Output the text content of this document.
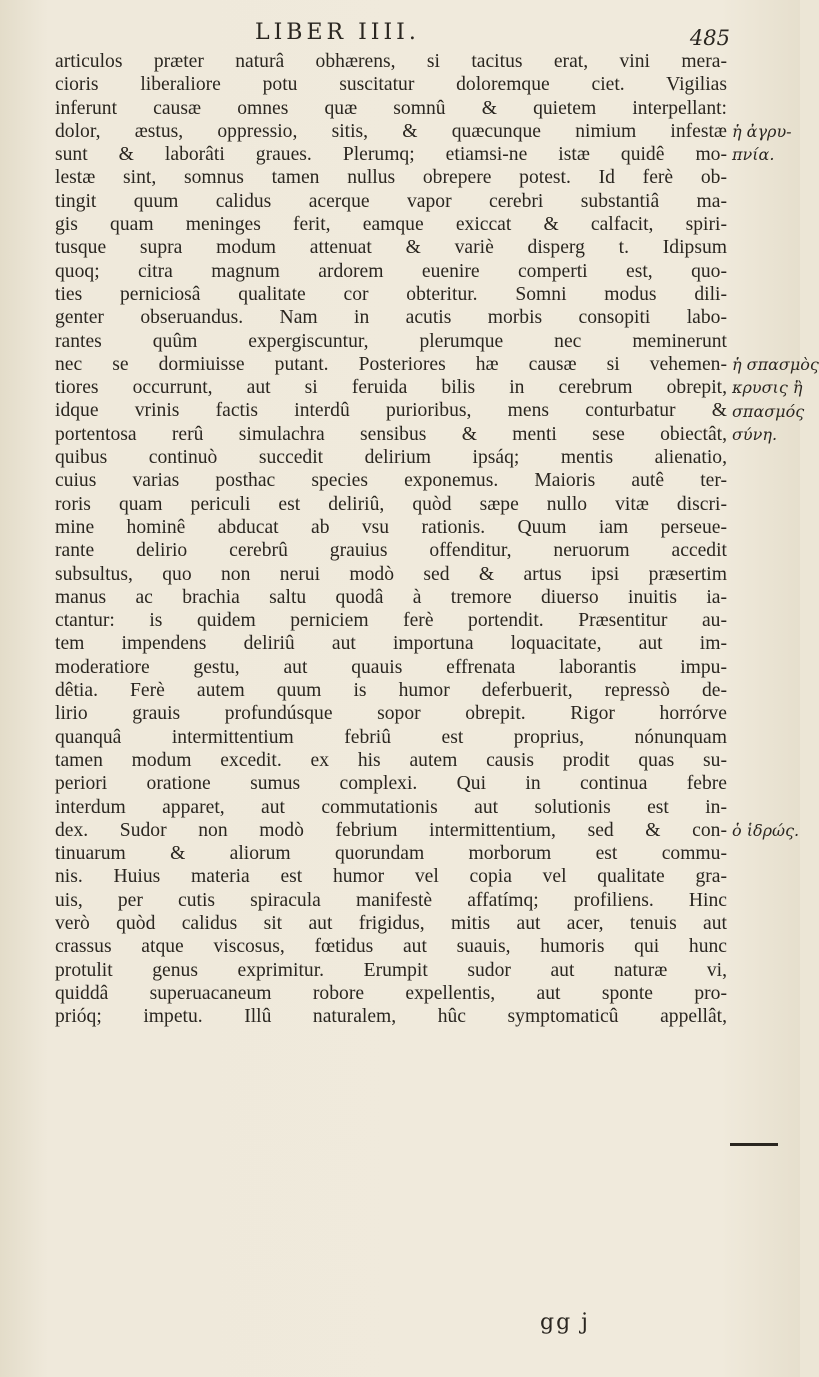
LIBER IIII.	485
articulos præter naturâ obhærens, si tacitus erat, vini mera-
cioris liberaliore potu suscitatur doloremque ciet. Vigilias
inferunt causæ omnes quæ somnû & quietem interpellant:
dolor, æstus, oppressio, sitis, & quæcunque nimium infestæ
sunt & laborâti graues. Plerumq; etiamsi-ne istæ quidê mo-
lestæ sint, somnus tamen nullus obrepere potest. Id ferè ob-
tingit quum calidus acerque vapor cerebri substantiâ ma-
gis quam meninges ferit, eamque exiccat & calfacit, spiri-
tusque supra modum attenuat & variè disperg t. Idipsum
quoq; citra magnum ardorem euenire comperti est, quo-
ties perniciosâ qualitate cor obteritur. Somni modus dili-
genter obseruandus. Nam in acutis morbis consopiti labo-
rantes quûm expergiscuntur, plerumque nec meminerunt
nec se dormiuisse putant. Posteriores hæ causæ si vehemen-
tiores occurrunt, aut si feruida bilis in cerebrum obrepit,
idque vrinis factis interdû purioribus, mens conturbatur &
portentosa rerû simulachra sensibus & menti sese obiectât,
quibus continuò succedit delirium ipsáq; mentis alienatio,
cuius varias posthac species exponemus. Maioris autê ter-
roris quam periculi est deliriû, quòd sæpe nullo vitæ discri-
mine hominê abducat ab vsu rationis. Quum iam perseue-
rante delirio cerebrû grauius offenditur, neruorum accedit
subsultus, quo non nerui modò sed & artus ipsi præsertim
manus ac brachia saltu quodâ à tremore diuerso inuitis ia-
ctantur: is quidem perniciem ferè portendit. Præsentitur au-
tem impendens deliriû aut importuna loquacitate, aut im-
moderatiore gestu, aut quauis effrenata laborantis impu-
dêtia. Ferè autem quum is humor deferbuerit, repressò de-
lirio grauis profundúsque sopor obrepit. Rigor horrórve
quanquâ intermittentium febriû est proprius, nónunquam
tamen modum excedit. ex his autem causis prodit quas su-
periori oratione sumus complexi. Qui in continua febre
interdum apparet, aut commutationis aut solutionis est in-
dex. Sudor non modò febrium intermittentium, sed & con-
tinuarum & aliorum quorundam morborum est commu-
nis. Huius materia est humor vel copia vel qualitate gra-
uis, per cutis spiracula manifestè affatímq; profiliens. Hinc
verò quòd calidus sit aut frigidus, mitis aut acer, tenuis aut
crassus atque viscosus, fœtidus aut suauis, humoris qui hunc
protulit genus exprimitur. Erumpit sudor aut naturæ vi,
quiddâ superuacaneum robore expellentis, aut sponte pro-
prióq; impetu. Illû naturalem, hûc symptomaticû appellât,
ἡ ἀγρυ-
πνία.
ἡ σπασμὸς
κρυσις ἢ
σπασμός
σύνη.
ὁ ἱδρώς.
gg j
